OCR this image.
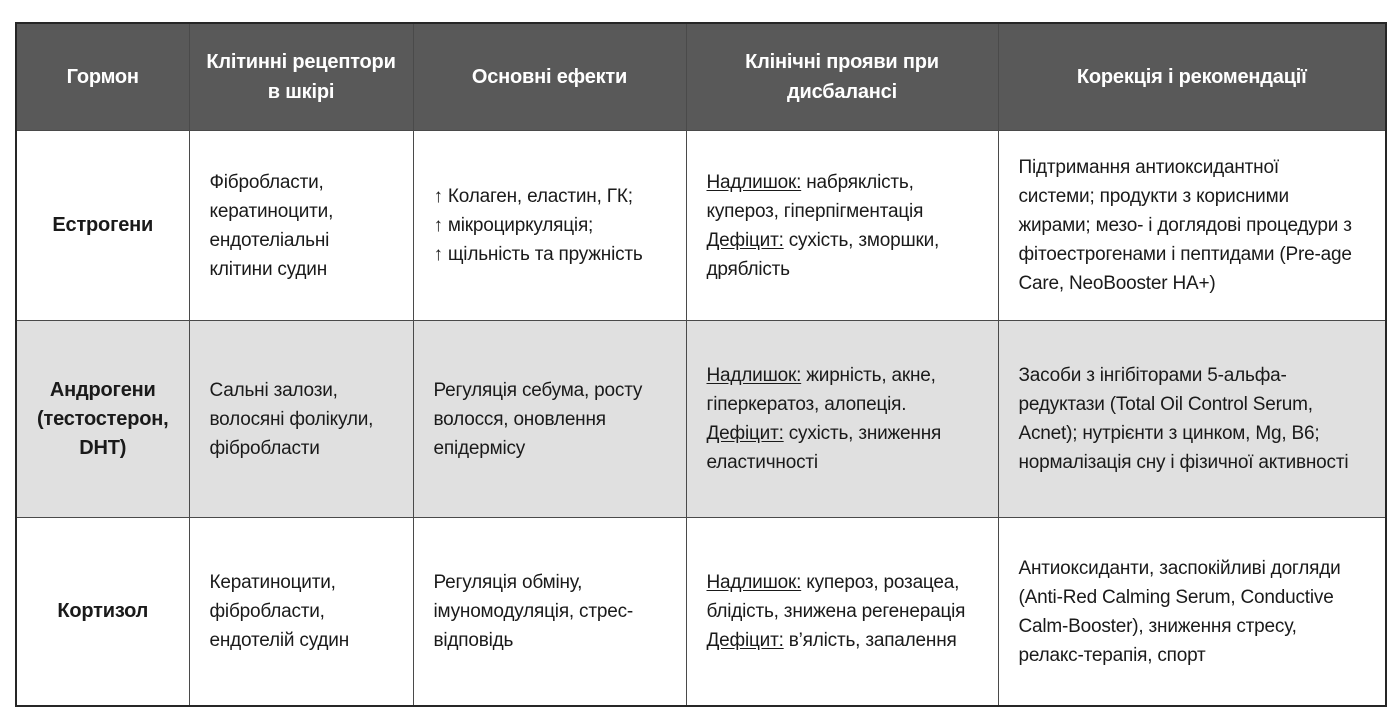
Гормон	Клітинні рецептори
в шкірі	Основні ефекти	Клінічні прояви при
дисбалансі	Корекція і рекомендації

Естрогени	Фібробласти,
кератиноцити,
ендотеліальні
клітини судин	↑ Колаген, еластин, ГК;
↑ мікроциркуляція;
↑ щільність та пружність	Надлишок: набряклість,
купероз, гіперпігментація
Дефіцит: сухість, зморшки,
дряблість	Підтримання антиоксидантної
системи; продукти з корисними
жирами; мезо- і доглядові процедури з
фітоестрогенами і пептидами (Pre-age
Care, NeoBooster HA+)

Андрогени
(тестостерон,
DHT)	Сальні залози,
волосяні фолікули,
фібробласти	Регуляція себума, росту
волосся, оновлення
епідермісу	Надлишок: жирність, акне,
гіперкератоз, алопеція.
Дефіцит: сухість, зниження
еластичності	Засоби з інгібіторами 5-альфа-
редуктази (Total Oil Control Serum,
Acnet); нутрієнти з цинком, Mg, B6;
нормалізація сну і фізичної активності

Кортизол	Кератиноцити,
фібробласти,
ендотелій судин	Регуляція обміну,
імуномодуляція, стрес-
відповідь	Надлишок: купероз, розацеа,
блідість, знижена регенерація
Дефіцит: в’ялість, запалення	Антиоксиданти, заспокійливі догляди
(Anti-Red Calming Serum, Conductive
Calm-Booster), зниження стресу,
релакс-терапія, спорт
